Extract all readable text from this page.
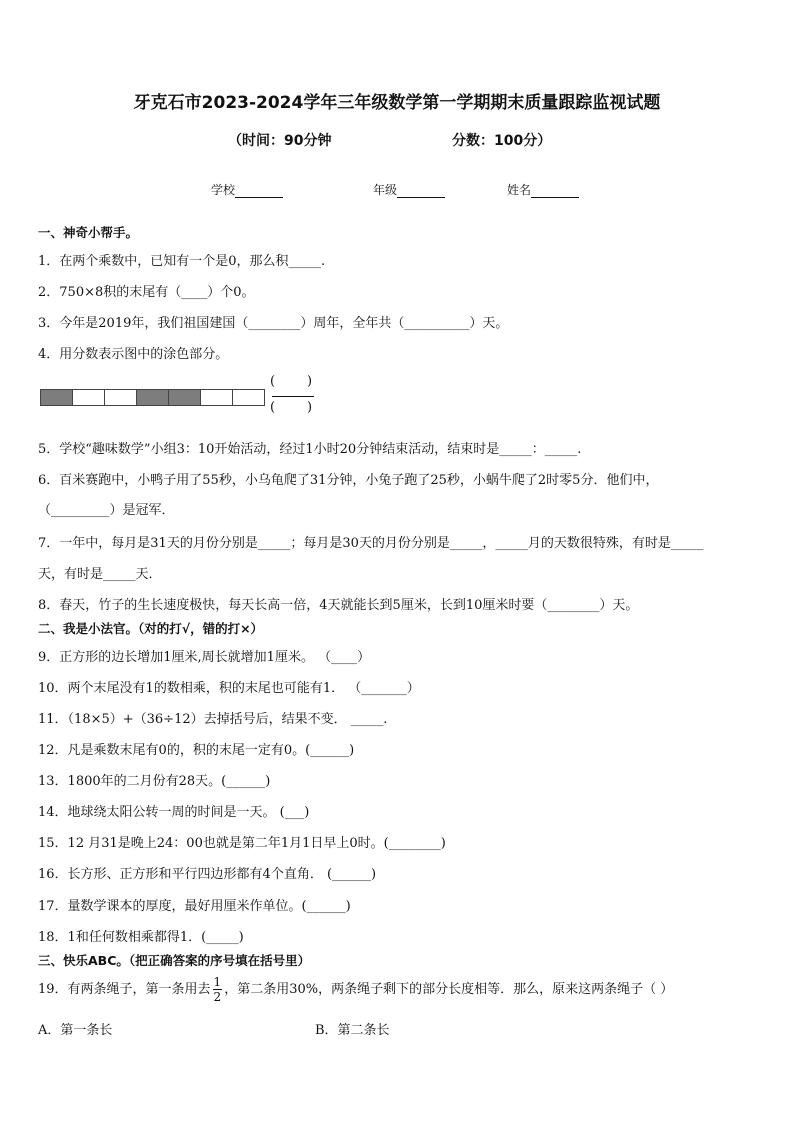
牙克石市2023-2024学年三年级数学第一学期期末质量跟踪监视试题
（时间：90分钟	分数：100分）
学校	年级	姓名
一、神奇小帮手。
1．在两个乘数中，已知有一个是0，那么积_____.
2．750×8积的末尾有（____）个0。
3．今年是2019年，我们祖国建国（________）周年，全年共（__________）天。
4．用分数表示图中的涂色部分。
( )
( )
5．学校“趣味数学”小组3：10开始活动，经过1小时20分钟结束活动，结束时是_____：_____.
6．百米赛跑中，小鸭子用了55秒，小乌龟爬了31分钟，小兔子跑了25秒，小蜗牛爬了2时零5分．他们中，
（_________）是冠军．
7．一年中，每月是31天的月份分别是_____；每月是30天的月份分别是_____，_____月的天数很特殊，有时是_____
天，有时是_____天．
8．春天，竹子的生长速度极快，每天长高一倍，4天就能长到5厘米，长到10厘米时要（________）天。
二、我是小法官。（对的打√，错的打×）
9．正方形的边长增加1厘米,周长就增加1厘米。 （____）
10．两个末尾没有1的数相乘，积的末尾也可能有1． （_______）
11．（18×5）+（36÷12）去掉括号后，结果不变． _____.
12．凡是乘数末尾有0的，积的末尾一定有0。(______)
13．1800年的二月份有28天。(______)
14．地球绕太阳公转一周的时间是一天。 (___)
15．12 月31是晚上24：00也就是第二年1月1日早上0时。(________)
16．长方形、正方形和平行四边形都有4个直角． (______)
17．量数学课本的厚度，最好用厘米作单位。(______)
18．1和任何数相乘都得1．(_____)
三、快乐ABC。（把正确答案的序号填在括号里）
19．有两条绳子，第一条用去 $\frac{1}{2}$ ，第二条用30%，两条绳子剩下的部分长度相等．那么，原来这两条绳子（ ）
A．第一条长	B．第二条长
